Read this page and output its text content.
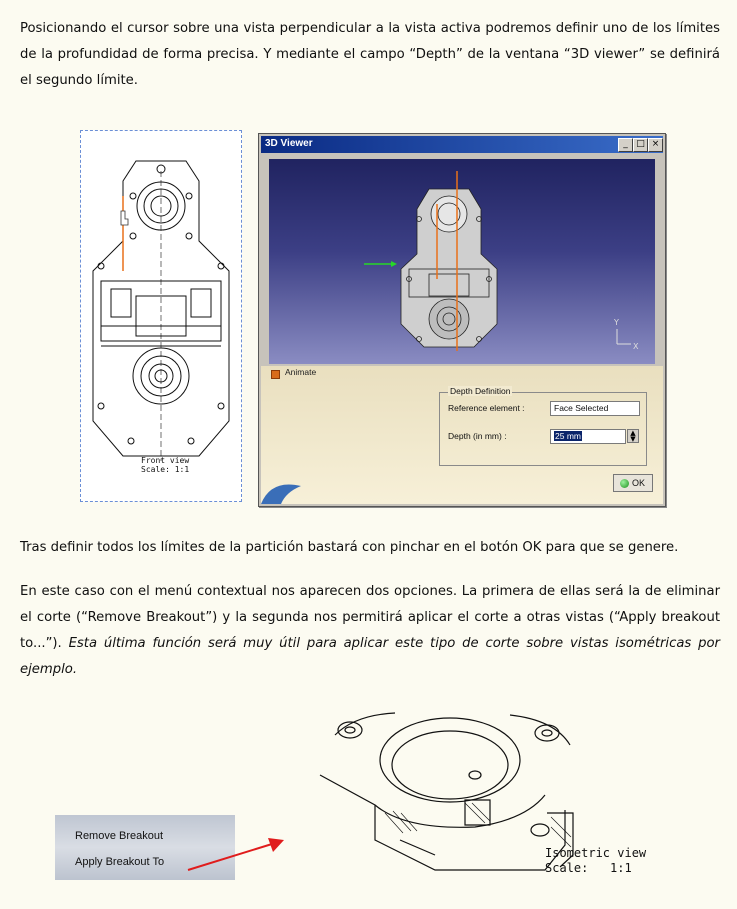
Posicionando el cursor sobre una vista perpendicular a la vista activa podremos definir uno de los límites de la profundidad de forma precisa. Y mediante el campo “Depth” de la ventana “3D viewer” se definirá el segundo límite.

Front view
Scale: 1:1
3D Viewer	_ □ ×
Y
X
Animate
Depth Definition
Reference element :	Face Selected
Depth (in mm) :	25 mm	▲
▼
OK

Tras definir todos los límites de la partición bastará con pinchar en el botón OK para que se genere.

En este caso con el menú contextual nos aparecen dos opciones. La primera de ellas será la de eliminar el corte (“Remove Breakout”) y la segunda nos permitirá aplicar el corte a otras vistas (“Apply breakout to...”). Esta última función será muy útil para aplicar este tipo de corte sobre vistas isométricas por ejemplo.

Remove Breakout
Apply Breakout To
Isometric view
Scale:   1:1
